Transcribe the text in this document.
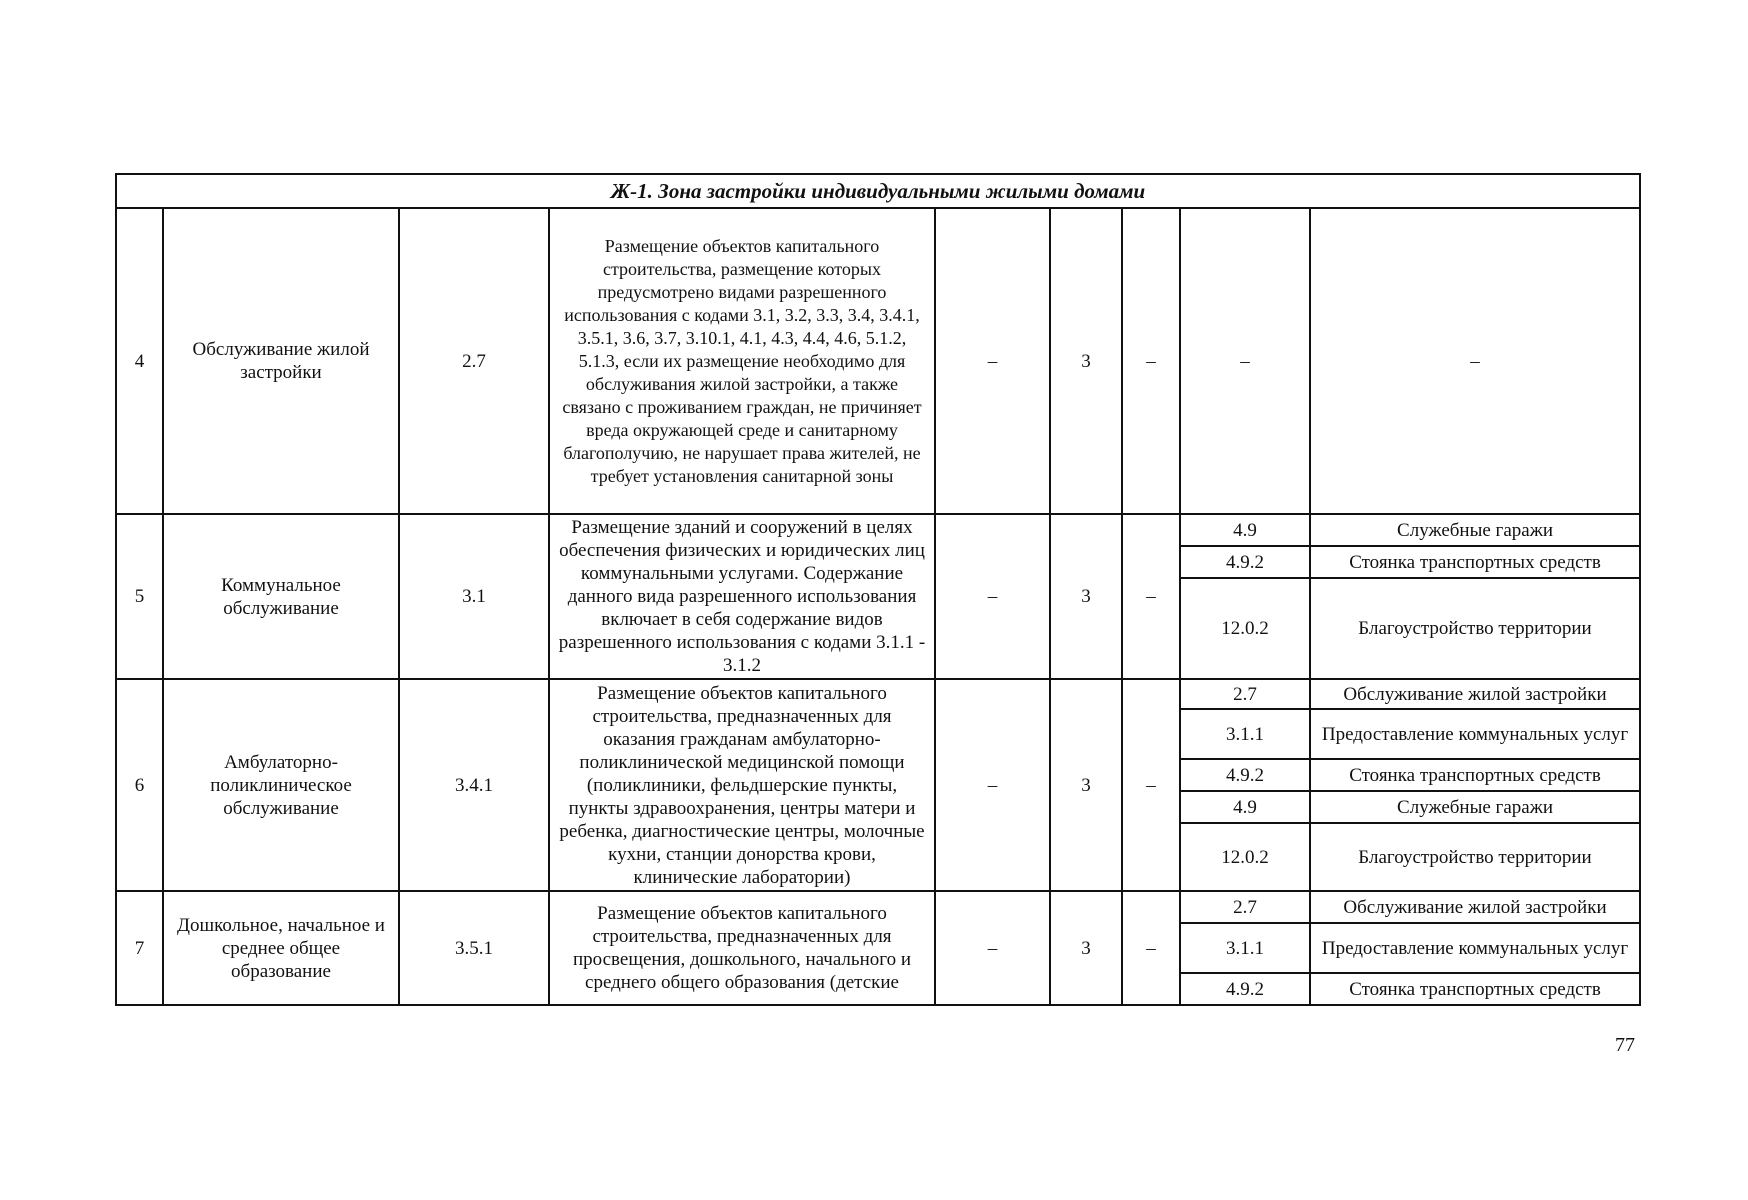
Ж-1. Зона застройки индивидуальными жилыми домами								
4	Обслуживание жилой застройки	2.7	Размещение объектов капитального строительства, размещение которых предусмотрено видами разрешенного использования с кодами 3.1, 3.2, 3.3, 3.4, 3.4.1, 3.5.1, 3.6, 3.7, 3.10.1, 4.1, 4.3, 4.4, 4.6, 5.1.2, 5.1.3, если их размещение необходимо для обслуживания жилой застройки, а также связано с проживанием граждан, не причиняет вреда окружающей среде и санитарному благополучию, не нарушает права жителей, не требует установления санитарной зоны	–	3	–	–	–
5	Коммунальное обслуживание	3.1	Размещение зданий и сооружений в целях обеспечения физических и юридических лиц коммунальными услугами. Содержание данного вида разрешенного использования включает в себя содержание видов разрешенного использования с кодами 3.1.1 - 3.1.2	–	3	–	4.9	Служебные гаражи
							4.9.2	Стоянка транспортных средств
							12.0.2	Благоустройство территории
6	Амбулаторно-поликлиническое обслуживание	3.4.1	Размещение объектов капитального строительства, предназначенных для оказания гражданам амбулаторно-поликлинической медицинской помощи (поликлиники, фельдшерские пункты, пункты здравоохранения, центры матери и ребенка, диагностические центры, молочные кухни, станции донорства крови, клинические лаборатории)	–	3	–	2.7	Обслуживание жилой застройки
							3.1.1	Предоставление коммунальных услуг
							4.9.2	Стоянка транспортных средств
							4.9	Служебные гаражи
							12.0.2	Благоустройство территории
7	Дошкольное, начальное и среднее общее образование	3.5.1	Размещение объектов капитального строительства, предназначенных для просвещения, дошкольного, начального и среднего общего образования (детские	–	3	–	2.7	Обслуживание жилой застройки
							3.1.1	Предоставление коммунальных услуг
							4.9.2	Стоянка транспортных средств
77
